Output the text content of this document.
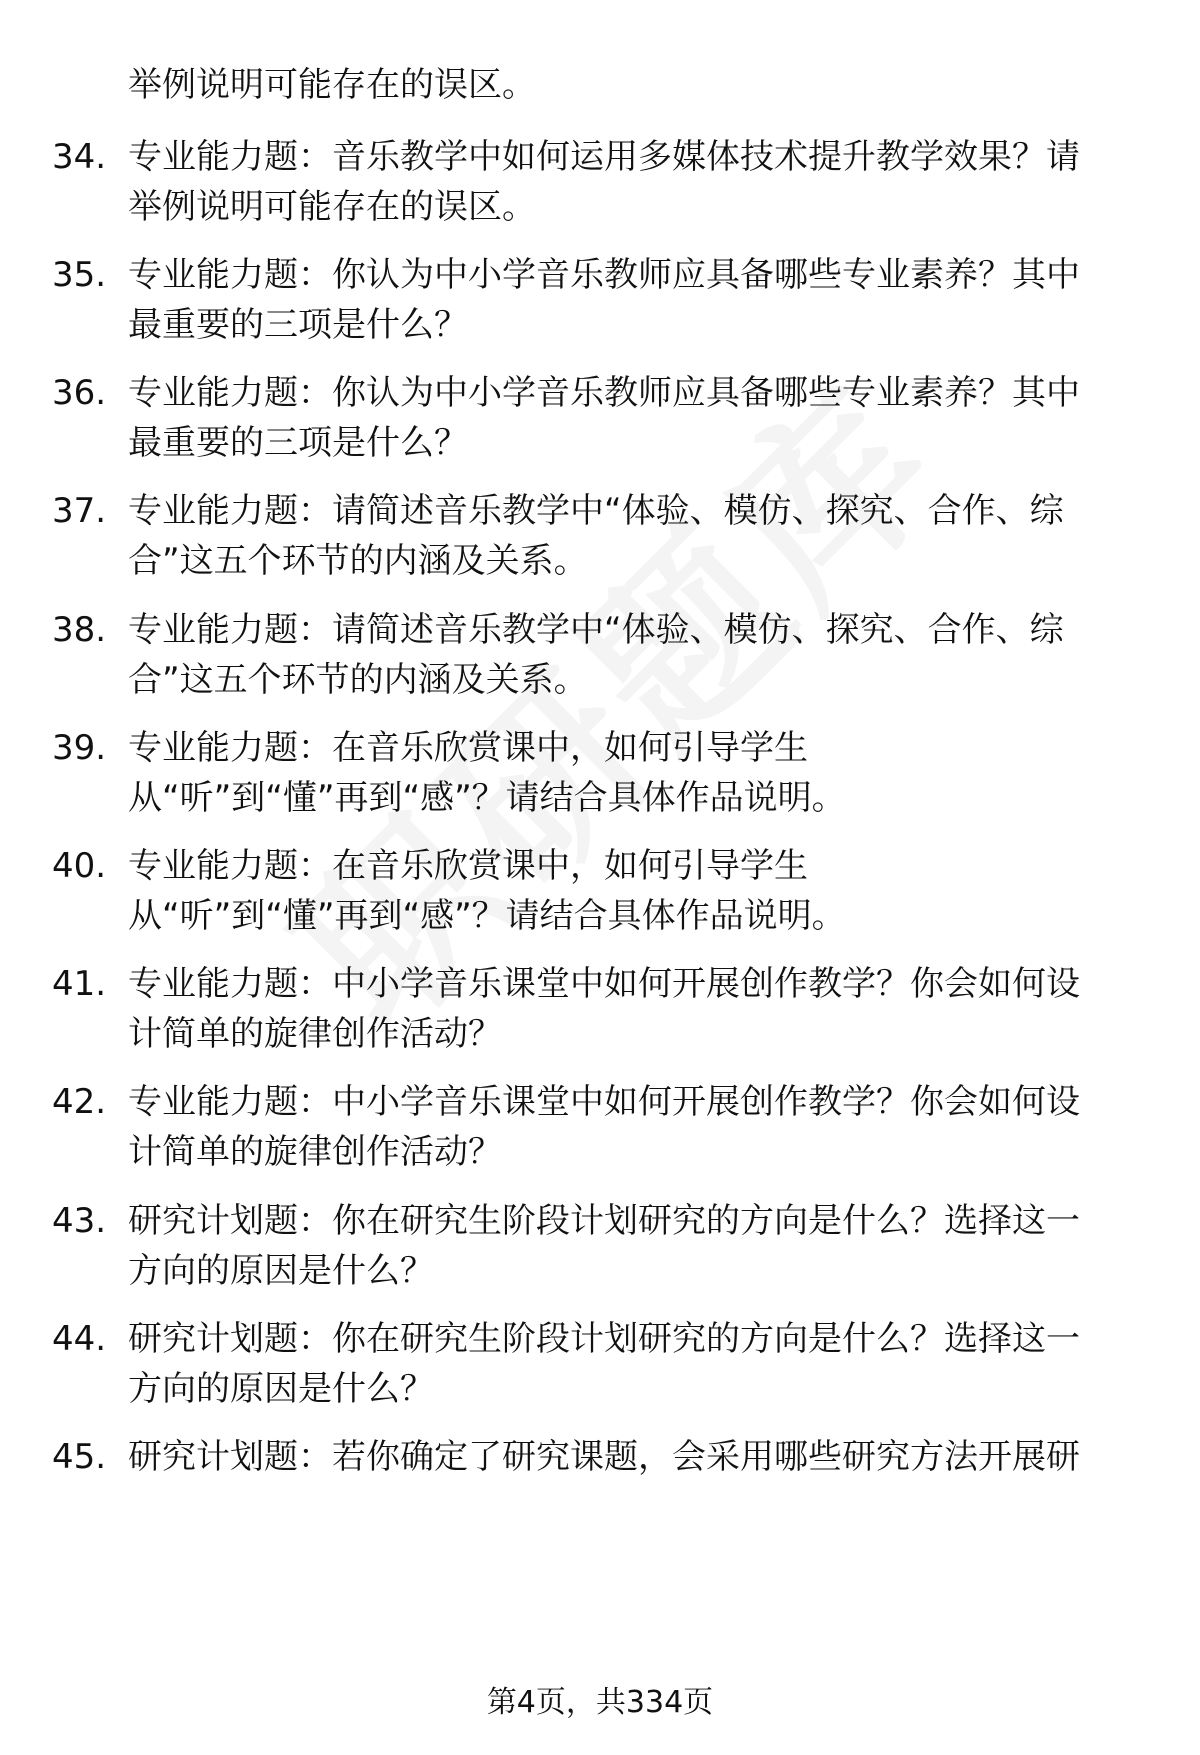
举例说明可能存在的误区。
34. 专业能力题：音乐教学中如何运用多媒体技术提升教学效果？请
举例说明可能存在的误区。
35. 专业能力题：你认为中小学音乐教师应具备哪些专业素养？其中
最重要的三项是什么？
36. 专业能力题：你认为中小学音乐教师应具备哪些专业素养？其中
最重要的三项是什么？
37. 专业能力题：请简述音乐教学中“体验、模仿、探究、合作、综
合”这五个环节的内涵及关系。
38. 专业能力题：请简述音乐教学中“体验、模仿、探究、合作、综
合”这五个环节的内涵及关系。
39. 专业能力题：在音乐欣赏课中，如何引导学生
从“听”到“懂”再到“感”？请结合具体作品说明。
40. 专业能力题：在音乐欣赏课中，如何引导学生
从“听”到“懂”再到“感”？请结合具体作品说明。
41. 专业能力题：中小学音乐课堂中如何开展创作教学？你会如何设
计简单的旋律创作活动？
42. 专业能力题：中小学音乐课堂中如何开展创作教学？你会如何设
计简单的旋律创作活动？
43. 研究计划题：你在研究生阶段计划研究的方向是什么？选择这一
方向的原因是什么？
44. 研究计划题：你在研究生阶段计划研究的方向是什么？选择这一
方向的原因是什么？
45. 研究计划题：若你确定了研究课题，会采用哪些研究方法开展研
第4页，共334页
